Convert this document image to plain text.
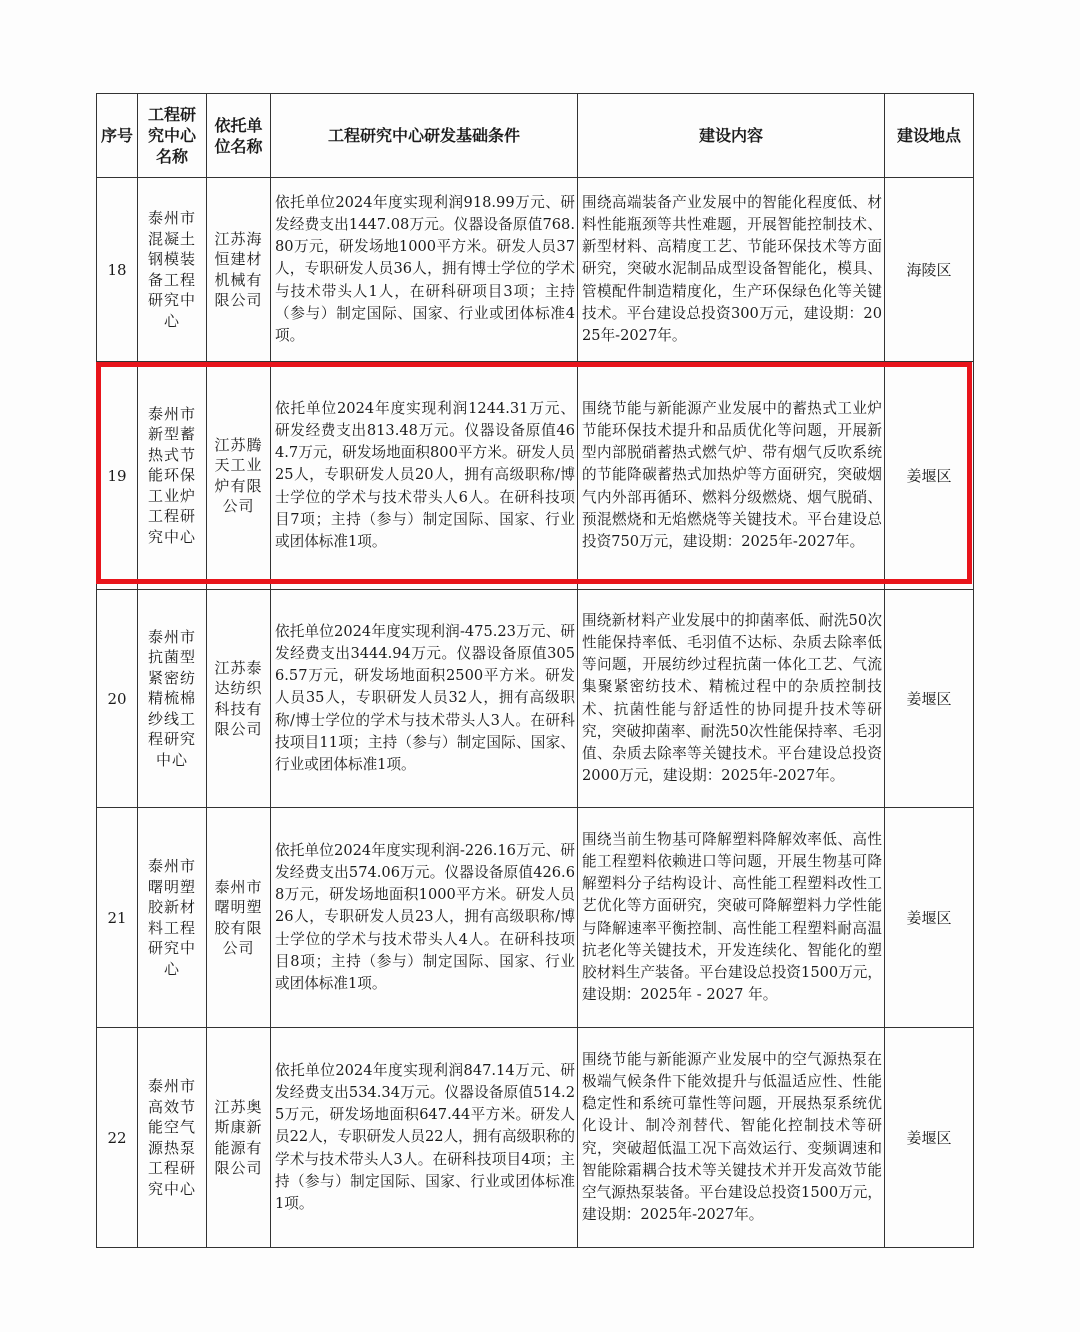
序号	工程研究中心名称	依托单位名称	工程研究中心研发基础条件	建设内容	建设地点
18	泰州市混凝土钢模装备工程研究中心	江苏海恒建材机械有限公司	依托单位2024年度实现利润918.99万元、研发经费支出1447.08万元。仪器设备原值768.80万元，研发场地1000平方米。研发人员37人，专职研发人员36人，拥有博士学位的学术与技术带头人1人，在研科研项目3项；主持（参与）制定国际、国家、行业或团体标准4项。	围绕高端装备产业发展中的智能化程度低、材料性能瓶颈等共性难题，开展智能控制技术、新型材料、高精度工艺、节能环保技术等方面研究，突破水泥制品成型设备智能化，模具、管模配件制造精度化，生产环保绿色化等关键技术。平台建设总投资300万元，建设期：2025年-2027年。	海陵区
19	泰州市新型蓄热式节能环保工业炉工程研究中心	江苏腾天工业炉有限公司	依托单位2024年度实现利润1244.31万元、研发经费支出813.48万元。仪器设备原值464.7万元，研发场地面积800平方米。研发人员25人，专职研发人员20人，拥有高级职称/博士学位的学术与技术带头人6人。在研科技项目7项；主持（参与）制定国际、国家、行业或团体标准1项。	围绕节能与新能源产业发展中的蓄热式工业炉节能环保技术提升和品质优化等问题，开展新型内部脱硝蓄热式燃气炉、带有烟气反吹系统的节能降碳蓄热式加热炉等方面研究，突破烟气内外部再循环、燃料分级燃烧、烟气脱硝、预混燃烧和无焰燃烧等关键技术。平台建设总投资750万元，建设期：2025年-2027年。	姜堰区
20	泰州市抗菌型紧密纺精梳棉纱线工程研究中心	江苏泰达纺织科技有限公司	依托单位2024年度实现利润-475.23万元、研发经费支出3444.94万元。仪器设备原值3056.57万元，研发场地面积2500平方米。研发人员35人，专职研发人员32人，拥有高级职称/博士学位的学术与技术带头人3人。在研科技项目11项；主持（参与）制定国际、国家、行业或团体标准1项。	围绕新材料产业发展中的抑菌率低、耐洗50次性能保持率低、毛羽值不达标、杂质去除率低等问题，开展纺纱过程抗菌一体化工艺、气流集聚紧密纺技术、精梳过程中的杂质控制技术、抗菌性能与舒适性的协同提升技术等研究，突破抑菌率、耐洗50次性能保持率、毛羽值、杂质去除率等关键技术。平台建设总投资2000万元，建设期：2025年-2027年。	姜堰区
21	泰州市曙明塑胶新材料工程研究中心	泰州市曙明塑胶有限公司	依托单位2024年度实现利润-226.16万元、研发经费支出574.06万元。仪器设备原值426.68万元，研发场地面积1000平方米。研发人员26人，专职研发人员23人，拥有高级职称/博士学位的学术与技术带头人4人。在研科技项目8项；主持（参与）制定国际、国家、行业或团体标准1项。	围绕当前生物基可降解塑料降解效率低、高性能工程塑料依赖进口等问题，开展生物基可降解塑料分子结构设计、高性能工程塑料改性工艺优化等方面研究，突破可降解塑料力学性能与降解速率平衡控制、高性能工程塑料耐高温抗老化等关键技术，开发连续化、智能化的塑胶材料生产装备。平台建设总投资1500万元，建设期：2025年 - 2027 年。	姜堰区
22	泰州市高效节能空气源热泵工程研究中心	江苏奥斯康新能源有限公司	依托单位2024年度实现利润847.14万元、研发经费支出534.34万元。仪器设备原值514.25万元，研发场地面积647.44平方米。研发人员22人，专职研发人员22人，拥有高级职称的学术与技术带头人3人。在研科技项目4项；主持（参与）制定国际、国家、行业或团体标准1项。	围绕节能与新能源产业发展中的空气源热泵在极端气候条件下能效提升与低温适应性、性能稳定性和系统可靠性等问题，开展热泵系统优化设计、制冷剂替代、智能化控制技术等研究，突破超低温工况下高效运行、变频调速和智能除霜耦合技术等关键技术并开发高效节能空气源热泵装备。平台建设总投资1500万元，建设期：2025年-2027年。	姜堰区
